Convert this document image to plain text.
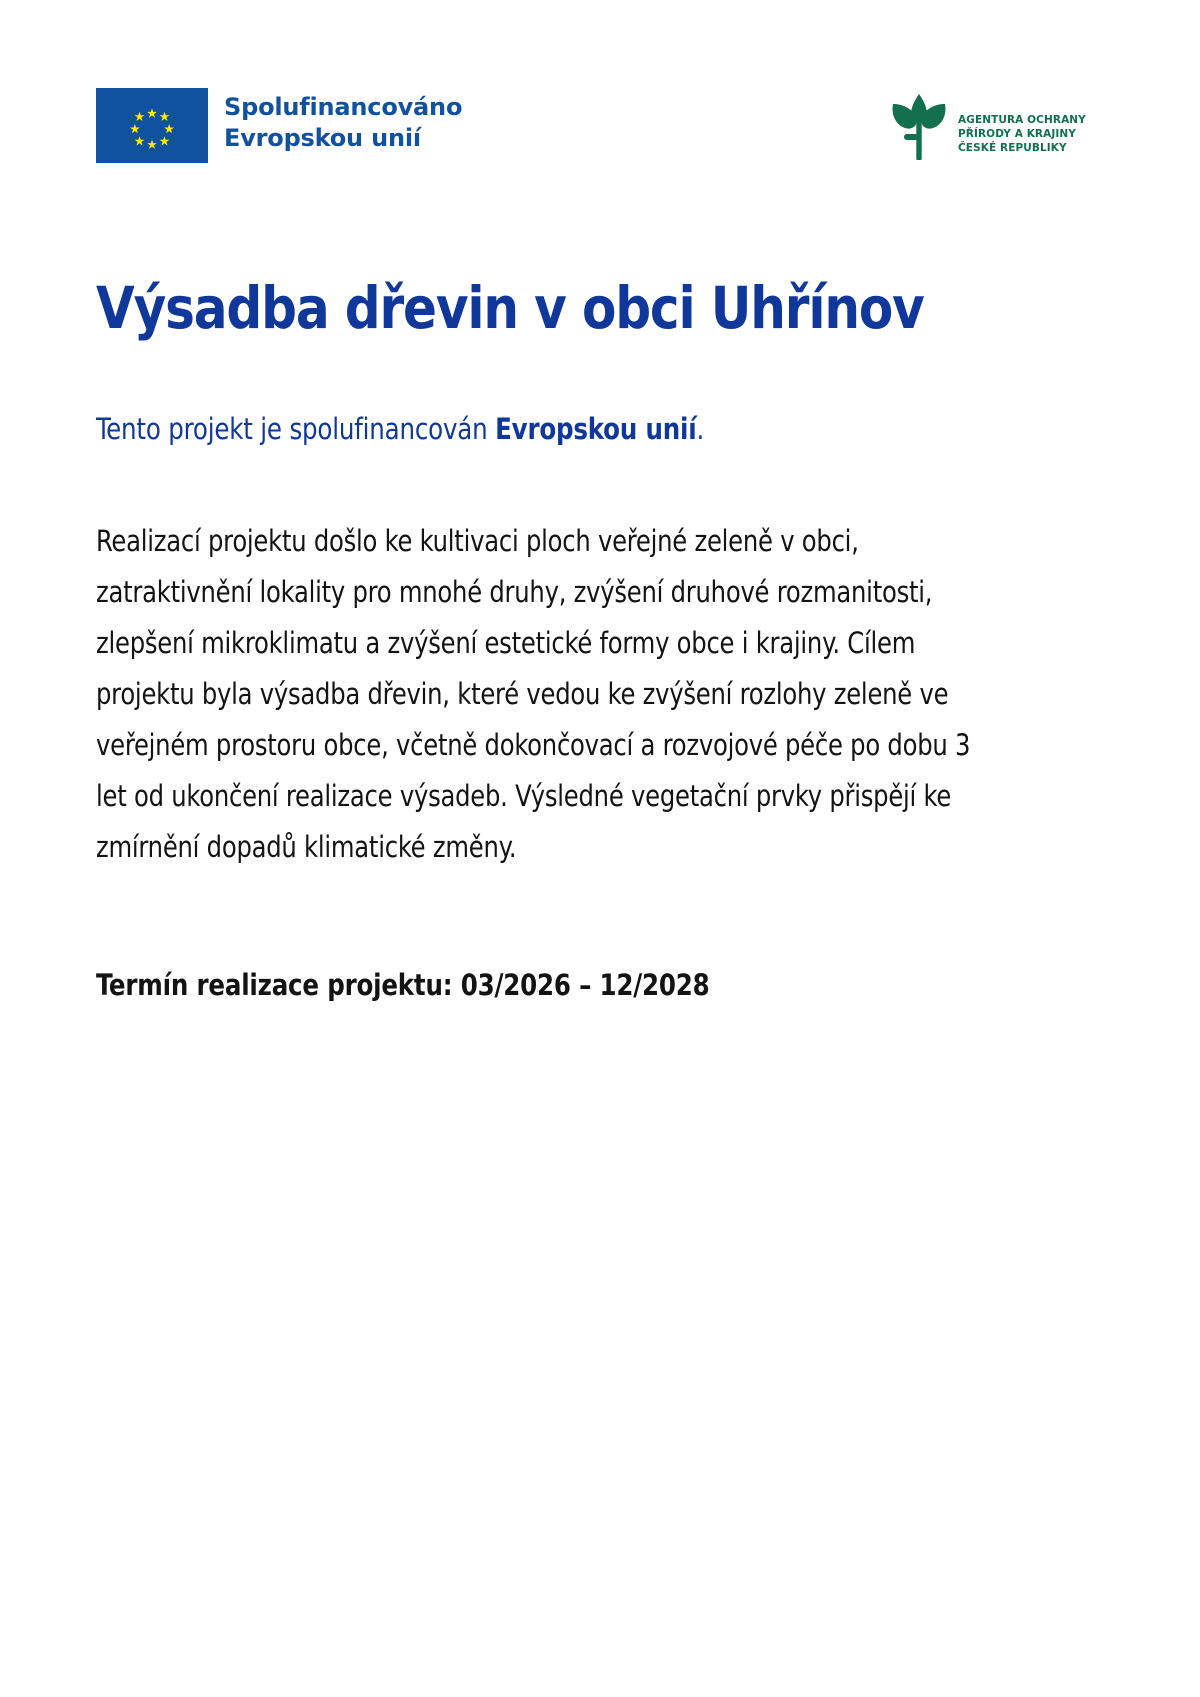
Spolufinancováno
Evropskou unií
AGENTURA OCHRANY
PŘÍRODY A KRAJINY
ČESKÉ REPUBLIKY
Výsadba dřevin v obci Uhřínov

Tento projekt je spolufinancován Evropskou unií.

Realizací projektu došlo ke kultivaci ploch veřejné zeleně v obci, zatraktivnění lokality pro mnohé druhy, zvýšení druhové rozmanitosti, zlepšení mikroklimatu a zvýšení estetické formy obce i krajiny. Cílem projektu byla výsadba dřevin, které vedou ke zvýšení rozlohy zeleně ve veřejném prostoru obce, včetně dokončovací a rozvojové péče po dobu 3 let od ukončení realizace výsadeb. Výsledné vegetační prvky přispějí ke zmírnění dopadů klimatické změny.

Termín realizace projektu: 03/2026 – 12/2028
